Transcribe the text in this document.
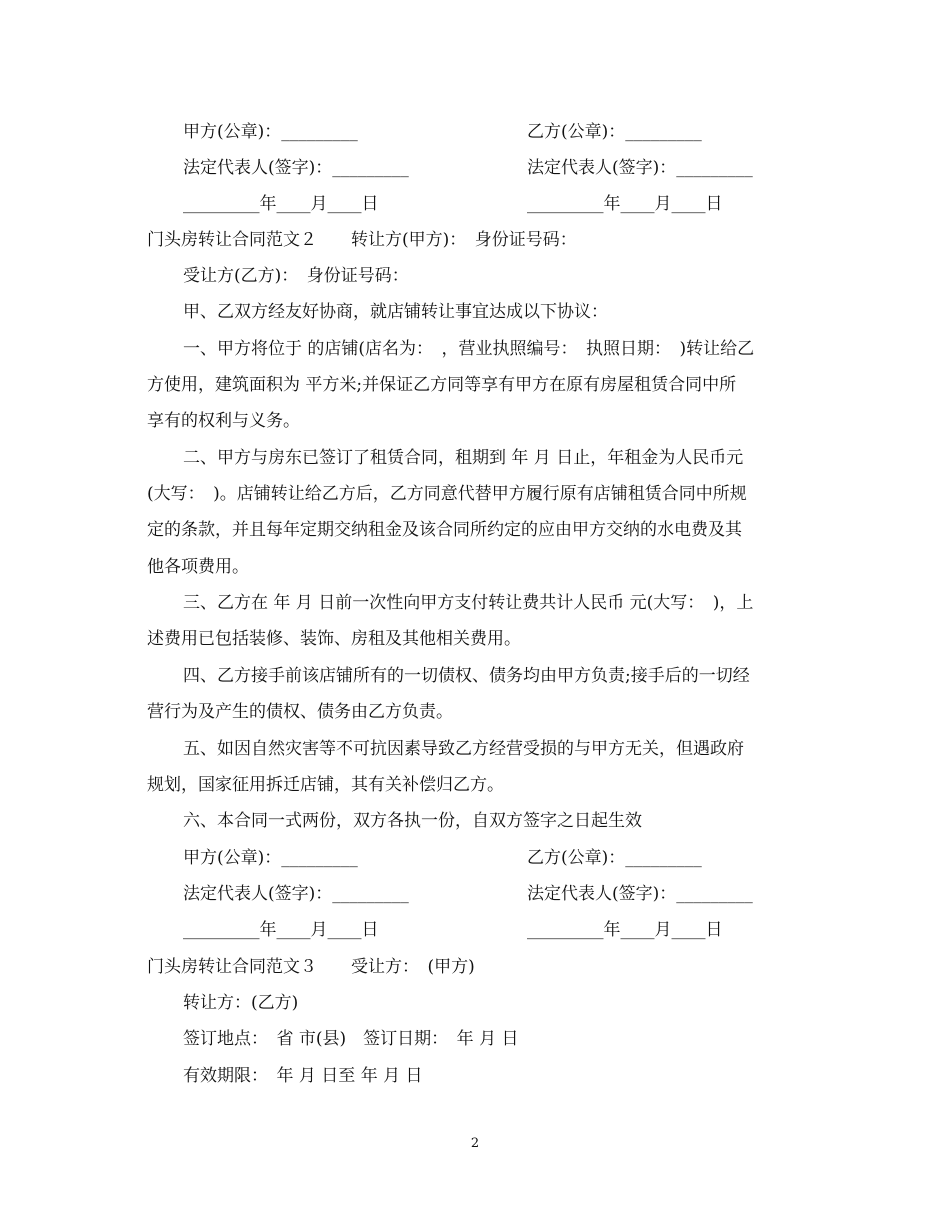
甲方(公章)：_________	乙方(公章)：_________
法定代表人(签字)：_________	法定代表人(签字)：_________
_________年____月____日	_________年____月____日
门头房转让合同范文２　　转让方(甲方)：　身份证号码：
受让方(乙方)：　身份证号码：
甲、乙双方经友好协商，就店铺转让事宜达成以下协议：
一、甲方将位于 的店铺(店名为：　，营业执照编号：　执照日期：　)转让给乙
方使用，建筑面积为 平方米;并保证乙方同等享有甲方在原有房屋租赁合同中所
享有的权利与义务。
二、甲方与房东已签订了租赁合同，租期到 年 月 日止，年租金为人民币元
(大写：　)。店铺转让给乙方后，乙方同意代替甲方履行原有店铺租赁合同中所规
定的条款，并且每年定期交纳租金及该合同所约定的应由甲方交纳的水电费及其
他各项费用。
三、乙方在 年 月 日前一次性向甲方支付转让费共计人民币 元(大写：　)，上
述费用已包括装修、装饰、房租及其他相关费用。
四、乙方接手前该店铺所有的一切债权、债务均由甲方负责;接手后的一切经
营行为及产生的债权、债务由乙方负责。
五、如因自然灾害等不可抗因素导致乙方经营受损的与甲方无关，但遇政府
规划，国家征用拆迁店铺，其有关补偿归乙方。
六、本合同一式两份，双方各执一份，自双方签字之日起生效
甲方(公章)：_________	乙方(公章)：_________
法定代表人(签字)：_________	法定代表人(签字)：_________
_________年____月____日	_________年____月____日
门头房转让合同范文３　　受让方：　(甲方)
转让方：(乙方)
签订地点：　省 市(县)　签订日期：　年 月 日
有效期限：　年 月 日至 年 月 日
2
